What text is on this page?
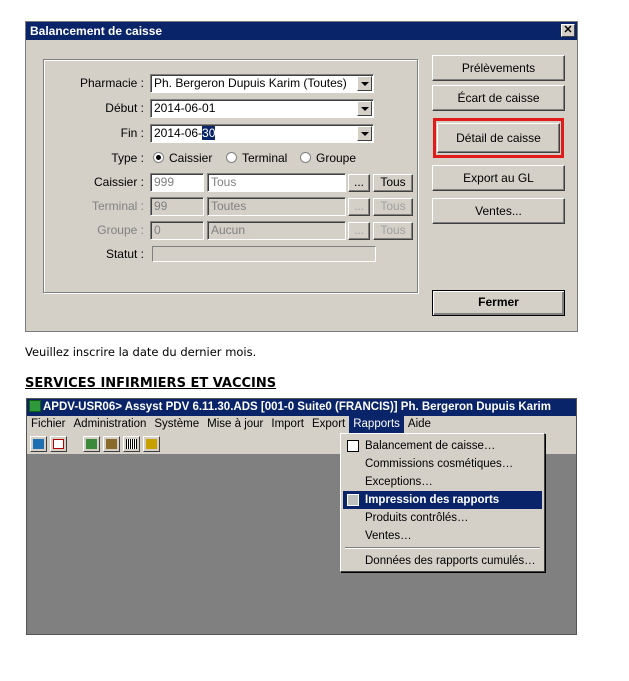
Balancement de caisse	✕
Pharmacie : Ph. Bergeron Dupuis Karim (Toutes)
Début : 2014-06-01
Fin : 2014-06-30
Type :	Caissier	Terminal	Groupe
Caissier : 999	Tous	...	Tous
Terminal : 99	Toutes	...	Tous
Groupe : 0	Aucun	...	Tous
Statut :
Prélèvements
Écart de caisse
Détail de caisse
Export au GL
Ventes...
Fermer
Veuillez inscrire la date du dernier mois.
SERVICES INFIRMIERS ET VACCINS
APDV-USR06> Assyst PDV 6.11.30.ADS [001-0 Suite0 (FRANCIS)] Ph. Bergeron Dupuis Karim
Fichier Administration Système Mise à jour Import Export Rapports Aide
Balancement de caisse…
Commissions cosmétiques…
Exceptions…
Impression des rapports
Produits contrôlés…
Ventes…
Données des rapports cumulés…
